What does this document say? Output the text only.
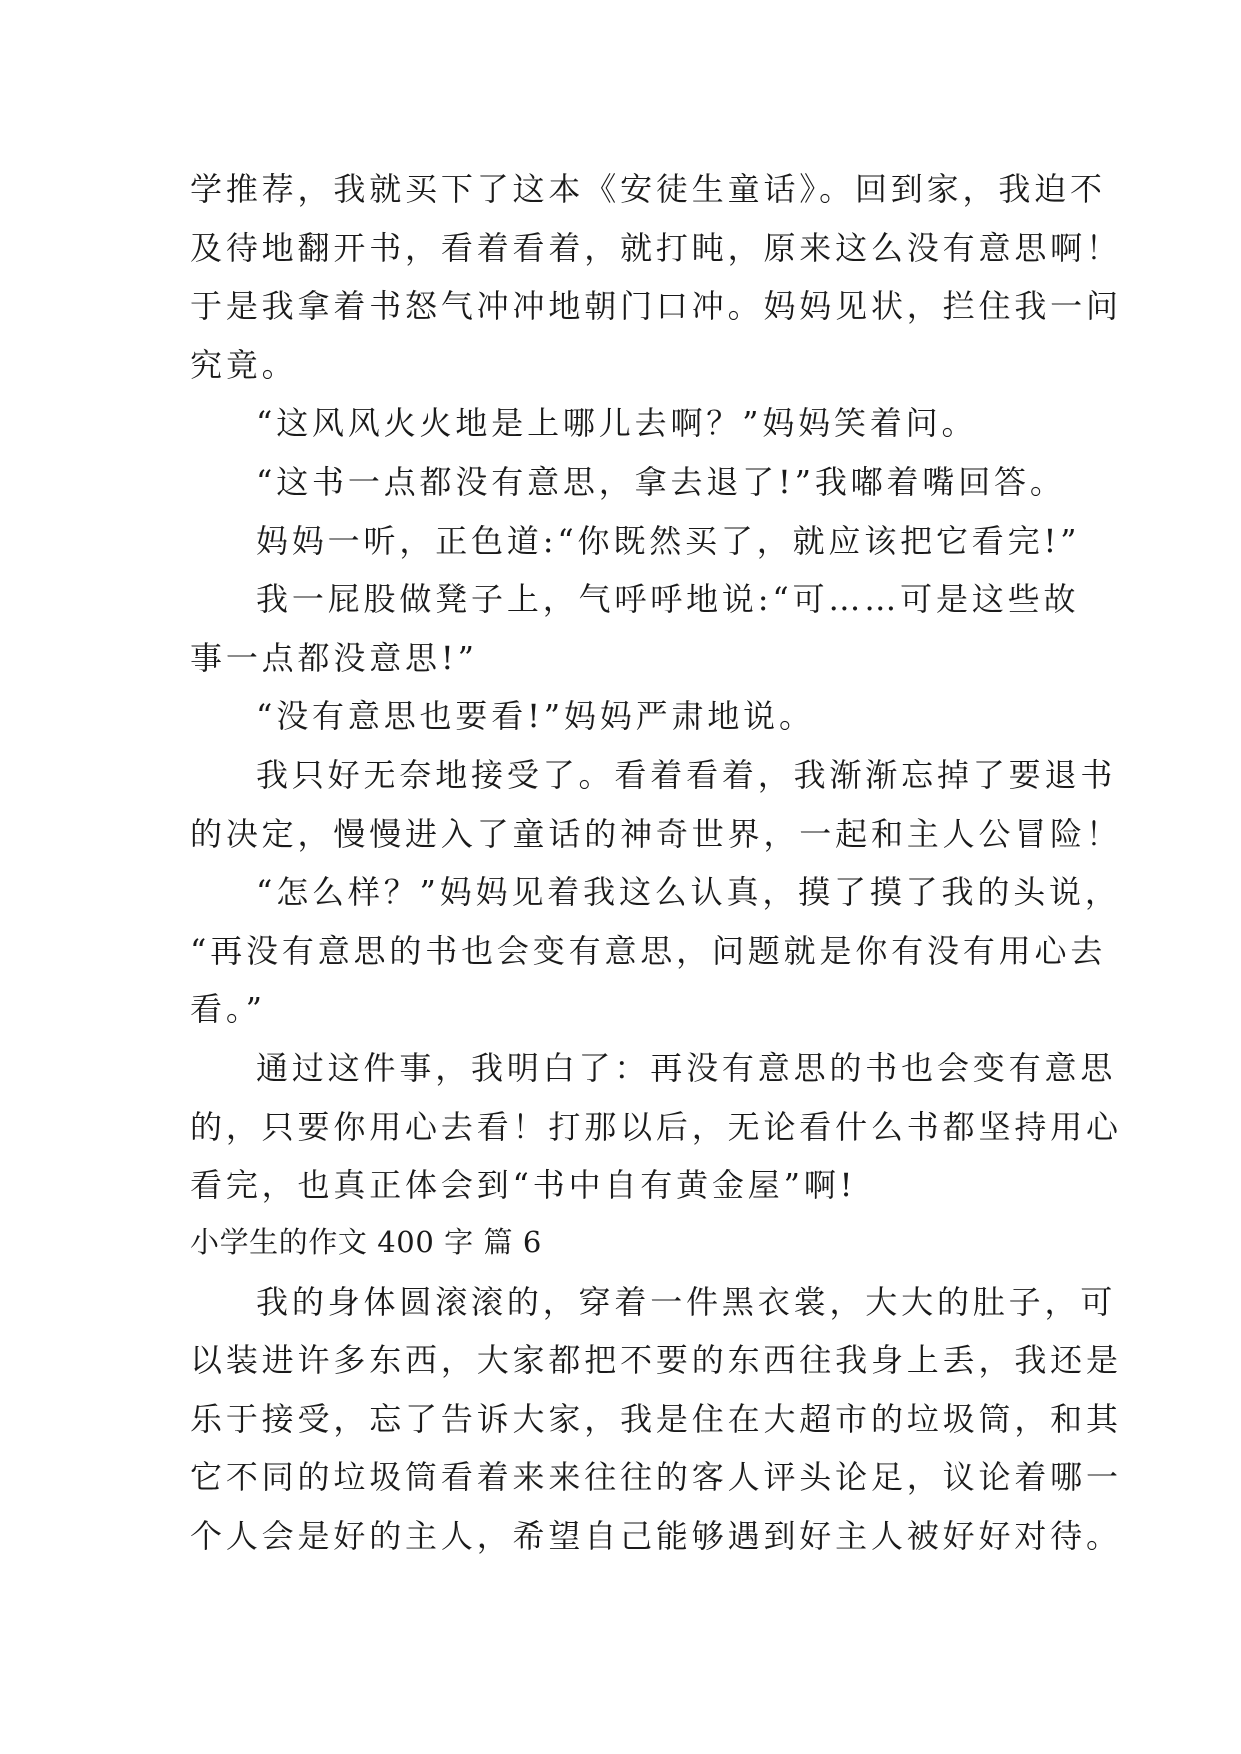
学推荐，我就买下了这本《安徒生童话》。回到家，我迫不

及待地翻开书，看着看着，就打盹，原来这么没有意思啊！

于是我拿着书怒气冲冲地朝门口冲。妈妈见状，拦住我一问

究竟。

“这风风火火地是上哪儿去啊？”妈妈笑着问。

“这书一点都没有意思，拿去退了!”我嘟着嘴回答。

妈妈一听，正色道:“你既然买了，就应该把它看完!”

我一屁股做凳子上，气呼呼地说:“可……可是这些故

事一点都没意思!”

“没有意思也要看!”妈妈严肃地说。

我只好无奈地接受了。看着看着，我渐渐忘掉了要退书

的决定，慢慢进入了童话的神奇世界，一起和主人公冒险！

“怎么样？”妈妈见着我这么认真，摸了摸了我的头说，

“再没有意思的书也会变有意思，问题就是你有没有用心去

看。”

通过这件事，我明白了：再没有意思的书也会变有意思

的，只要你用心去看！打那以后，无论看什么书都坚持用心

看完，也真正体会到“书中自有黄金屋”啊!

小学生的作文 400 字 篇 6

我的身体圆滚滚的，穿着一件黑衣裳，大大的肚子，可

以装进许多东西，大家都把不要的东西往我身上丢，我还是

乐于接受，忘了告诉大家，我是住在大超市的垃圾筒，和其

它不同的垃圾筒看着来来往往的客人评头论足，议论着哪一

个人会是好的主人，希望自己能够遇到好主人被好好对待。
